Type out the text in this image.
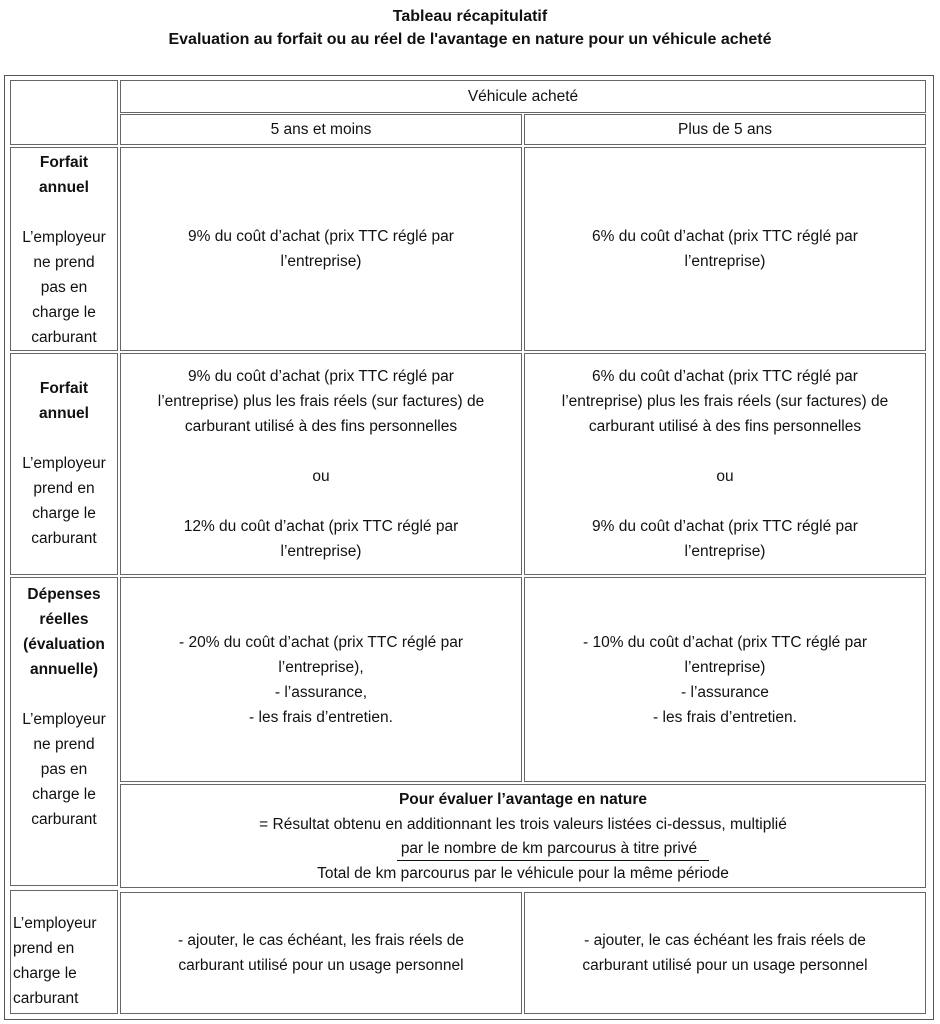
Tableau récapitulatif
Evaluation au forfait ou au réel de l'avantage en nature pour un véhicule acheté
Véhicule acheté
5 ans et moins	Plus de 5 ans
Forfait
annuel
L’employeur
ne prend
pas en
charge le
carburant
9% du coût d’achat (prix TTC réglé par
l’entreprise)
6% du coût d’achat (prix TTC réglé par
l’entreprise)
Forfait
annuel
L’employeur
prend en
charge le
carburant
9% du coût d’achat (prix TTC réglé par
l’entreprise) plus les frais réels (sur factures) de
carburant utilisé à des fins personnelles

ou

12% du coût d’achat (prix TTC réglé par
l’entreprise)
6% du coût d’achat (prix TTC réglé par
l’entreprise) plus les frais réels (sur factures) de
carburant utilisé à des fins personnelles

ou

9% du coût d’achat (prix TTC réglé par
l’entreprise)
Dépenses
réelles
(évaluation
annuelle)
L’employeur
ne prend
pas en
charge le
carburant
- 20% du coût d’achat (prix TTC réglé par
l’entreprise),
- l’assurance,
- les frais d’entretien.
- 10% du coût d’achat (prix TTC réglé par
l’entreprise)
- l’assurance
- les frais d’entretien.
Pour évaluer l’avantage en nature
= Résultat obtenu en additionnant les trois valeurs listées ci-dessus, multiplié
par le nombre de km parcourus à titre privé
Total de km parcourus par le véhicule pour la même période
L’employeur
prend en
charge le
carburant
- ajouter, le cas échéant, les frais réels de
carburant utilisé pour un usage personnel
- ajouter, le cas échéant les frais réels de
carburant utilisé pour un usage personnel
